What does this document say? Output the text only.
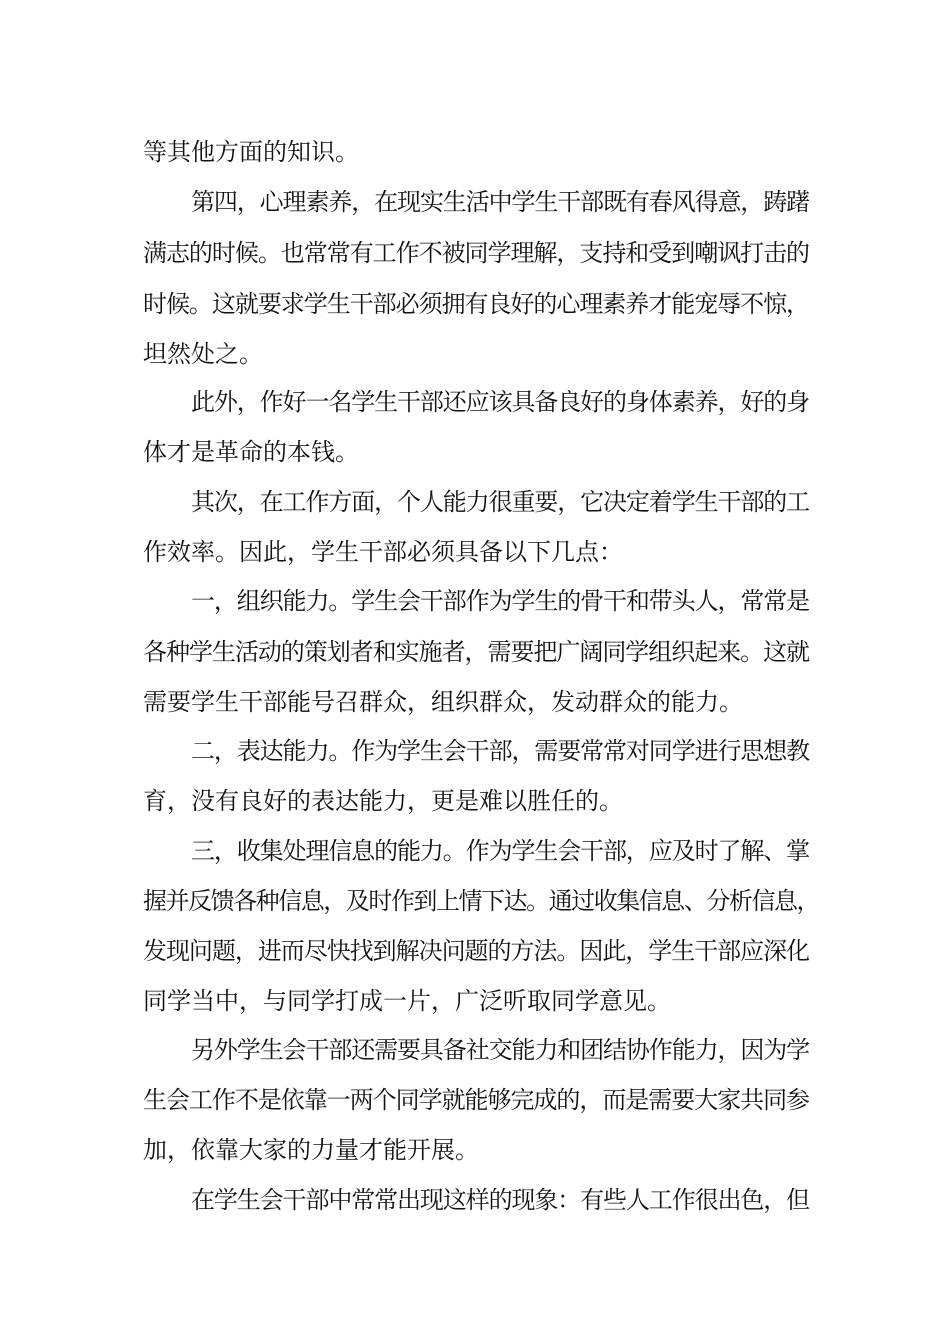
等其他方面的知识。
第四，心理素养，在现实生活中学生干部既有春风得意，踌躇
满志的时候。也常常有工作不被同学理解，支持和受到嘲讽打击的
时候。这就要求学生干部必须拥有良好的心理素养才能宠辱不惊，
坦然处之。
此外，作好一名学生干部还应该具备良好的身体素养，好的身
体才是革命的本钱。
其次，在工作方面，个人能力很重要，它决定着学生干部的工
作效率。因此，学生干部必须具备以下几点：
一，组织能力。学生会干部作为学生的骨干和带头人，常常是
各种学生活动的策划者和实施者，需要把广阔同学组织起来。这就
需要学生干部能号召群众，组织群众，发动群众的能力。
二，表达能力。作为学生会干部，需要常常对同学进行思想教
育，没有良好的表达能力，更是难以胜任的。
三，收集处理信息的能力。作为学生会干部，应及时了解、掌
握并反馈各种信息，及时作到上情下达。通过收集信息、分析信息，
发现问题，进而尽快找到解决问题的方法。因此，学生干部应深化
同学当中，与同学打成一片，广泛听取同学意见。
另外学生会干部还需要具备社交能力和团结协作能力，因为学
生会工作不是依靠一两个同学就能够完成的，而是需要大家共同参
加，依靠大家的力量才能开展。
在学生会干部中常常出现这样的现象：有些人工作很出色，但
